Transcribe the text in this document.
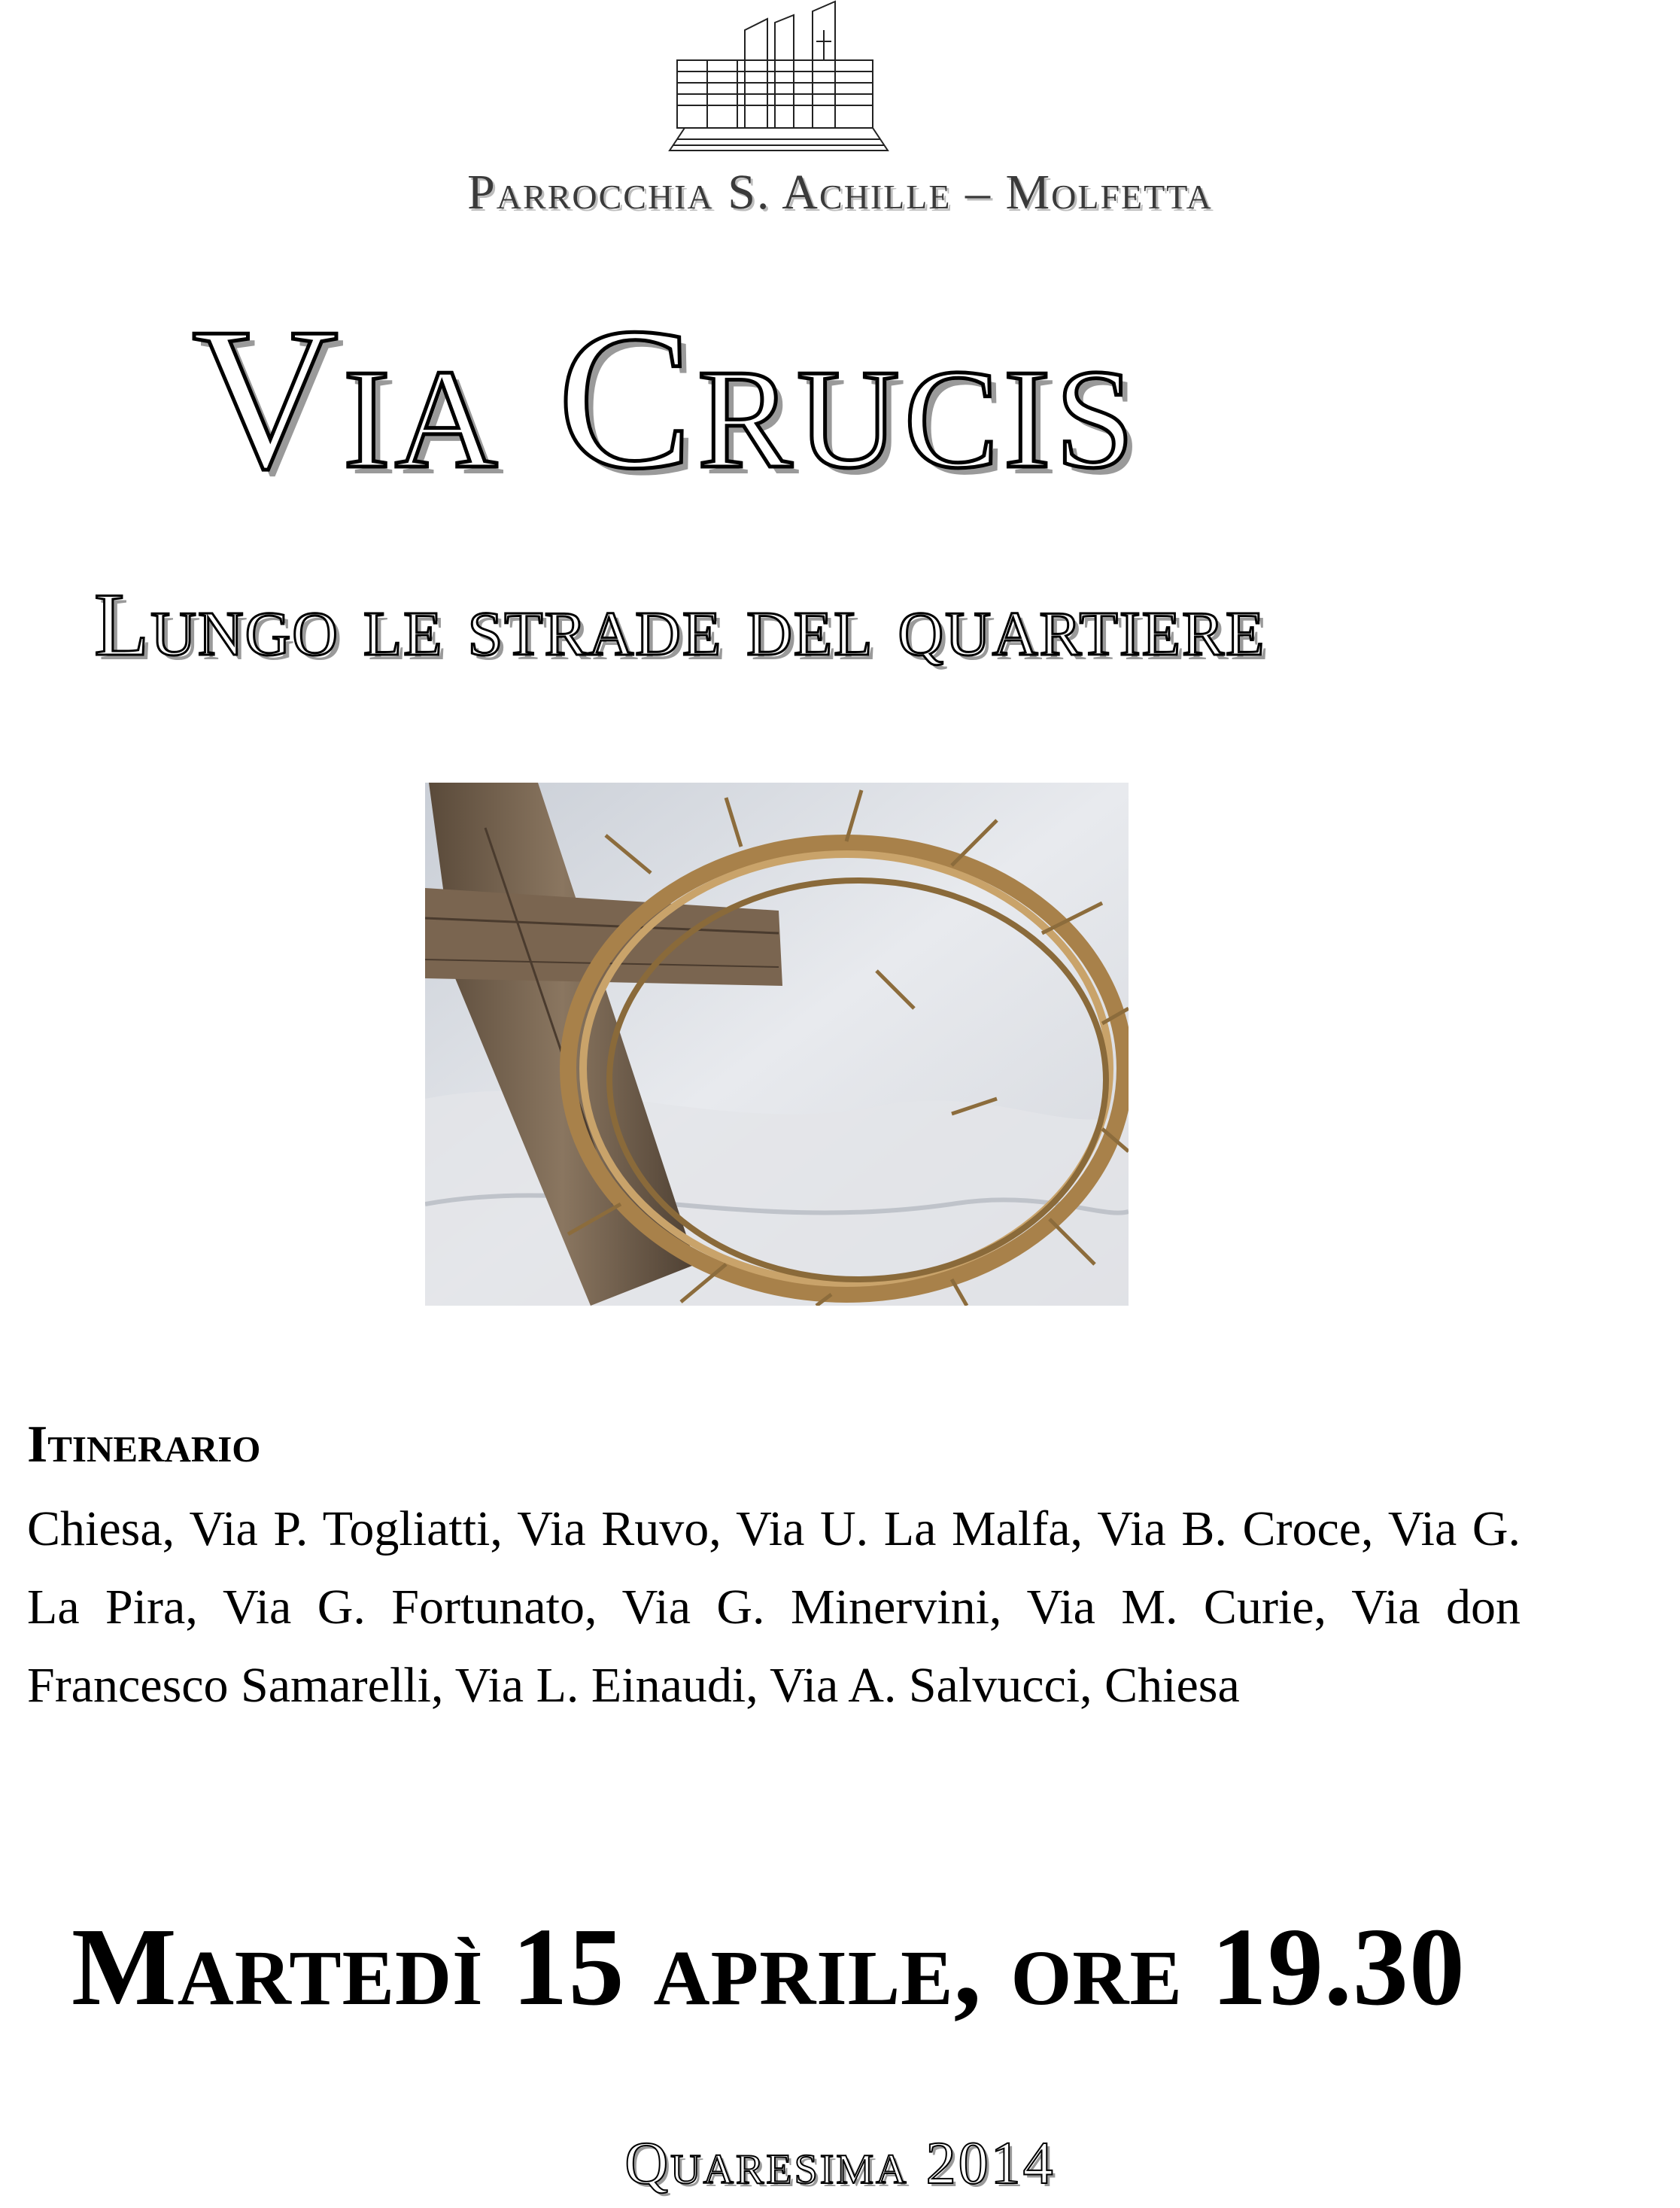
Parrocchia S. Achille – Molfetta
Via Crucis
Lungo le strade del quartiere
Itinerario
Chiesa, Via P. Togliatti, Via Ruvo, Via U. La Malfa, Via B. Croce, Via G. La Pira, Via G. Fortunato, Via G. Minervini, Via M. Curie, Via don Francesco Samarelli, Via L. Einaudi, Via A. Salvucci, Chiesa
Martedì 15 aprile, ore 19.30
Quaresima 2014
